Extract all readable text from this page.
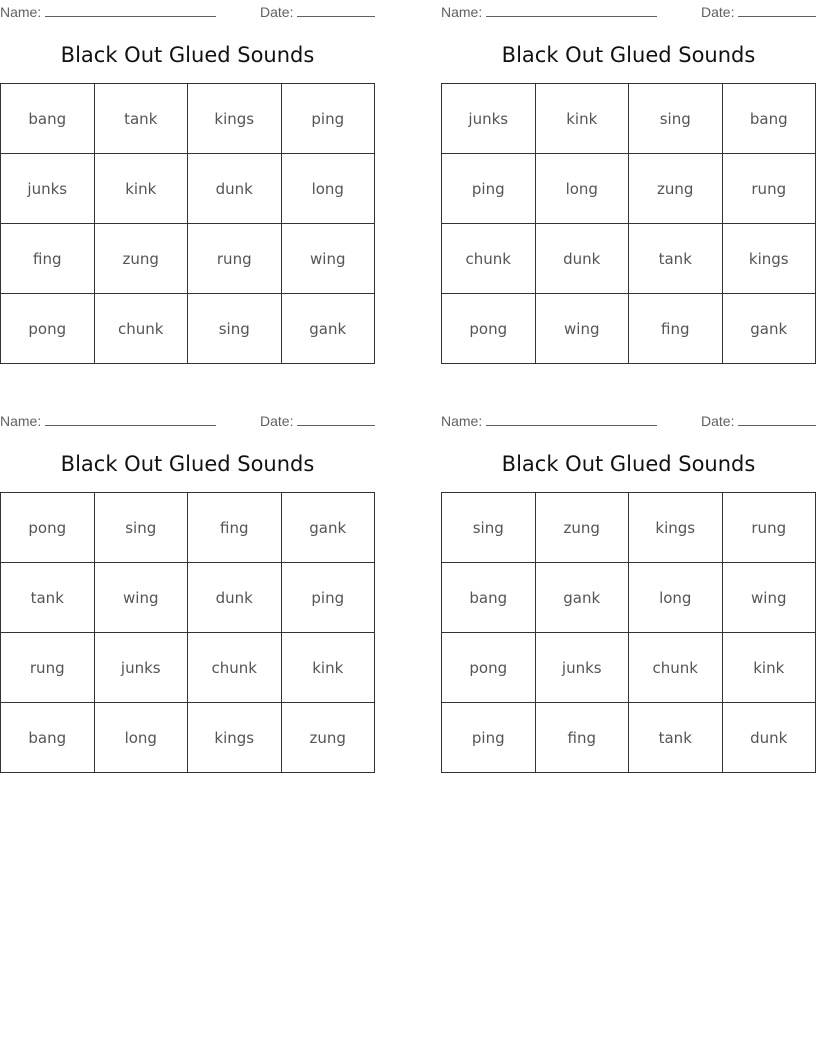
Name:	Date:
Black Out Glued Sounds
bang	tank	kings	ping
junks	kink	dunk	long
fing	zung	rung	wing
pong	chunk	sing	gank
Name:	Date:
Black Out Glued Sounds
junks	kink	sing	bang
ping	long	zung	rung
chunk	dunk	tank	kings
pong	wing	fing	gank
Name:	Date:
Black Out Glued Sounds
pong	sing	fing	gank
tank	wing	dunk	ping
rung	junks	chunk	kink
bang	long	kings	zung
Name:	Date:
Black Out Glued Sounds
sing	zung	kings	rung
bang	gank	long	wing
pong	junks	chunk	kink
ping	fing	tank	dunk
